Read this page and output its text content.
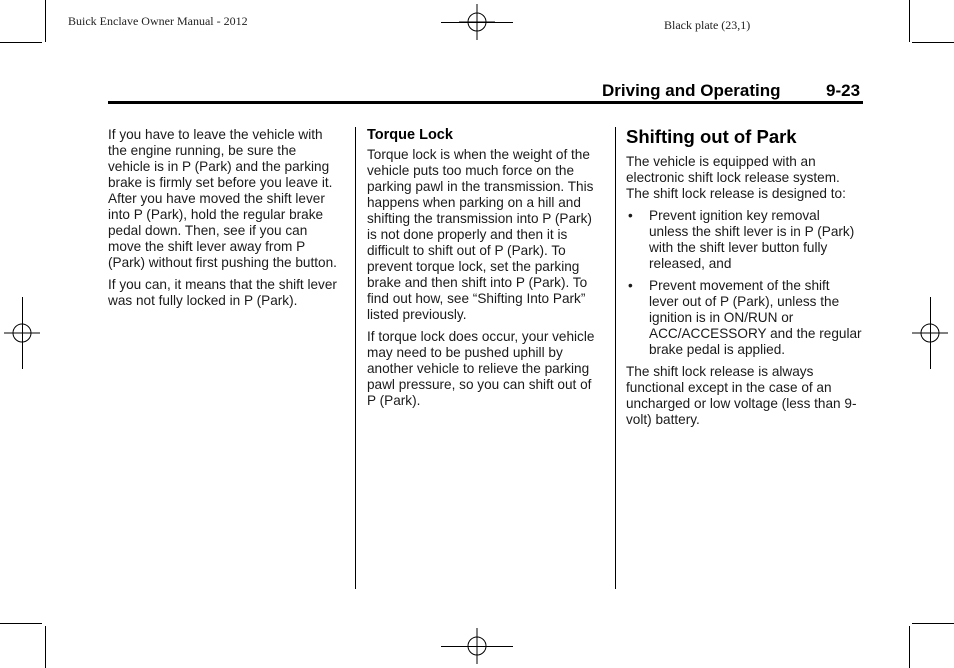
Buick Enclave Owner Manual - 2012	Black plate (23,1)
Driving and Operating	9-23

If you have to leave the vehicle with the engine running, be sure the vehicle is in P (Park) and the parking brake is firmly set before you leave it. After you have moved the shift lever into P (Park), hold the regular brake pedal down. Then, see if you can move the shift lever away from P (Park) without first pushing the button.

If you can, it means that the shift lever was not fully locked in P (Park).

Torque Lock

Torque lock is when the weight of the vehicle puts too much force on the parking pawl in the transmission. This happens when parking on a hill and shifting the transmission into P (Park) is not done properly and then it is difficult to shift out of P (Park). To prevent torque lock, set the parking brake and then shift into P (Park). To find out how, see “Shifting Into Park” listed previously.

If torque lock does occur, your vehicle may need to be pushed uphill by another vehicle to relieve the parking pawl pressure, so you can shift out of P (Park).

Shifting out of Park

The vehicle is equipped with an electronic shift lock release system. The shift lock release is designed to:

• Prevent ignition key removal unless the shift lever is in P (Park) with the shift lever button fully released, and
• Prevent movement of the shift lever out of P (Park), unless the ignition is in ON/RUN or ACC/ACCESSORY and the regular brake pedal is applied.

The shift lock release is always functional except in the case of an uncharged or low voltage (less than 9-volt) battery.
